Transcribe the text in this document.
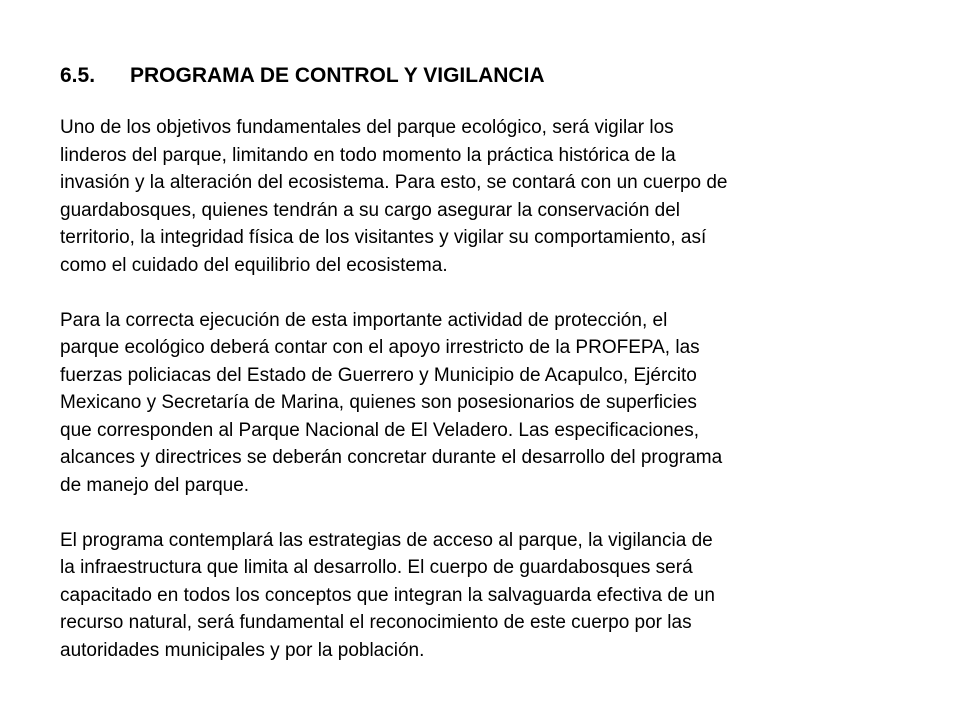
6.5. PROGRAMA DE CONTROL Y VIGILANCIA

Uno de los objetivos fundamentales del parque ecológico, será vigilar los
linderos del parque, limitando en todo momento la práctica histórica de la
invasión y la alteración del ecosistema. Para esto, se contará con un cuerpo de
guardabosques, quienes tendrán a su cargo asegurar la conservación del
territorio, la integridad física de los visitantes y vigilar su comportamiento, así
como el cuidado del equilibrio del ecosistema.

Para la correcta ejecución de esta importante actividad de protección, el
parque ecológico deberá contar con el apoyo irrestricto de la PROFEPA, las
fuerzas policiacas del Estado de Guerrero y Municipio de Acapulco, Ejército
Mexicano y Secretaría de Marina, quienes son posesionarios de superficies
que corresponden al Parque Nacional de El Veladero. Las especificaciones,
alcances y directrices se deberán concretar durante el desarrollo del programa
de manejo del parque.

El programa contemplará las estrategias de acceso al parque, la vigilancia de
la infraestructura que limita al desarrollo. El cuerpo de guardabosques será
capacitado en todos los conceptos que integran la salvaguarda efectiva de un
recurso natural, será fundamental el reconocimiento de este cuerpo por las
autoridades municipales y por la población.
